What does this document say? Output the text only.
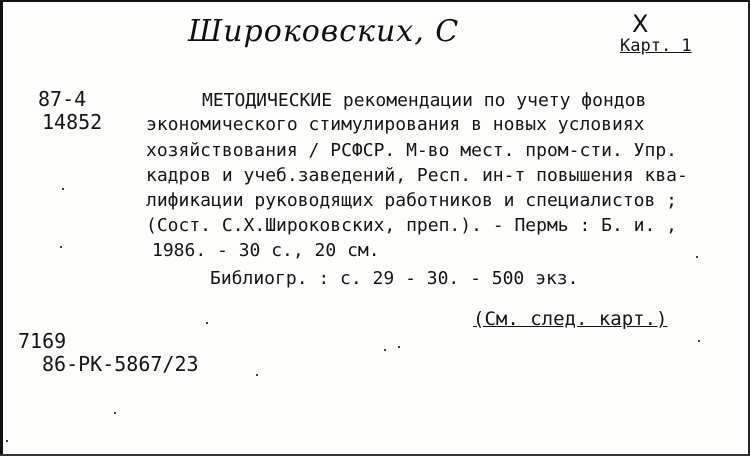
Широковских, С	Х
Карт. 1
87-4
14852
МЕТОДИЧЕСКИЕ рекомендации по учету фондов
экономического стимулирования в новых условиях
хозяйствования / РСФСР. М-во мест. пром-сти. Упр.
кадров и учеб.заведений, Респ. ин-т повышения ква-
лификации руководящих работников и специалистов ;
(Сост. С.Х.Широковских, преп.). - Пермь : Б. и. ,
1986. - 30 с., 20 см.
Библиогр. : с. 29 - 30. - 500 экз.
(См. след. карт.)
7169
86-РК-5867/23
